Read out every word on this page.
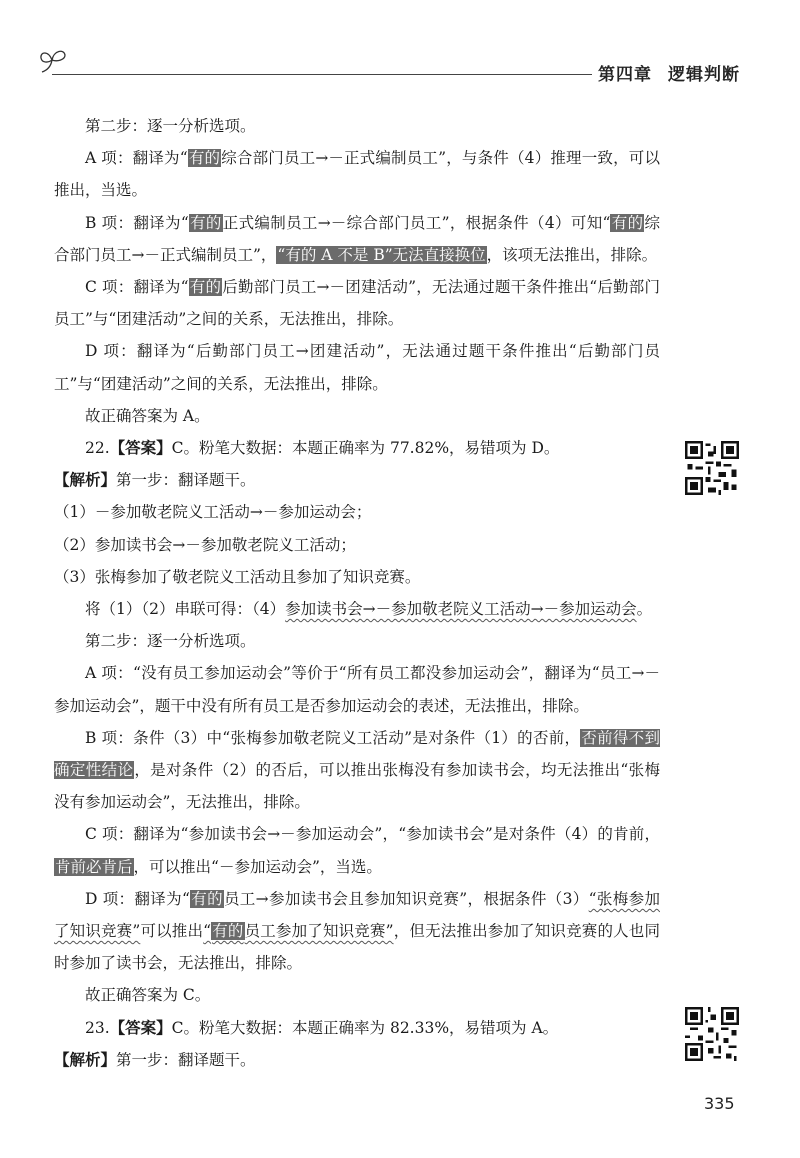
第四章 逻辑判断

第二步：逐一分析选项。

A 项：翻译为“有的综合部门员工→－正式编制员工”，与条件（4）推理一致，可以推出，当选。

B 项：翻译为“有的正式编制员工→－综合部门员工”，根据条件（4）可知“有的综合部门员工→－正式编制员工”，“有的 A 不是 B”无法直接换位，该项无法推出，排除。

C 项：翻译为“有的后勤部门员工→－团建活动”，无法通过题干条件推出“后勤部门员工”与“团建活动”之间的关系，无法推出，排除。

D 项：翻译为“后勤部门员工→团建活动”，无法通过题干条件推出“后勤部门员工”与“团建活动”之间的关系，无法推出，排除。

故正确答案为 A。

22.【答案】C。粉笔大数据：本题正确率为 77.82%，易错项为 D。

【解析】第一步：翻译题干。

（1）－参加敬老院义工活动→－参加运动会；

（2）参加读书会→－参加敬老院义工活动；

（3）张梅参加了敬老院义工活动且参加了知识竞赛。

将（1）（2）串联可得：（4）参加读书会→－参加敬老院义工活动→－参加运动会。

第二步：逐一分析选项。

A 项：“没有员工参加运动会”等价于“所有员工都没参加运动会”，翻译为“员工→－参加运动会”，题干中没有所有员工是否参加运动会的表述，无法推出，排除。

B 项：条件（3）中“张梅参加敬老院义工活动”是对条件（1）的否前，否前得不到确定性结论，是对条件（2）的否后，可以推出张梅没有参加读书会，均无法推出“张梅没有参加运动会”，无法推出，排除。

C 项：翻译为“参加读书会→－参加运动会”，“参加读书会”是对条件（4）的肯前，肯前必肯后，可以推出“－参加运动会”，当选。

D 项：翻译为“有的员工→参加读书会且参加知识竞赛”，根据条件（3）“张梅参加了知识竞赛”可以推出“有的员工参加了知识竞赛”，但无法推出参加了知识竞赛的人也同时参加了读书会，无法推出，排除。

故正确答案为 C。

23.【答案】C。粉笔大数据：本题正确率为 82.33%，易错项为 A。

【解析】第一步：翻译题干。

335
